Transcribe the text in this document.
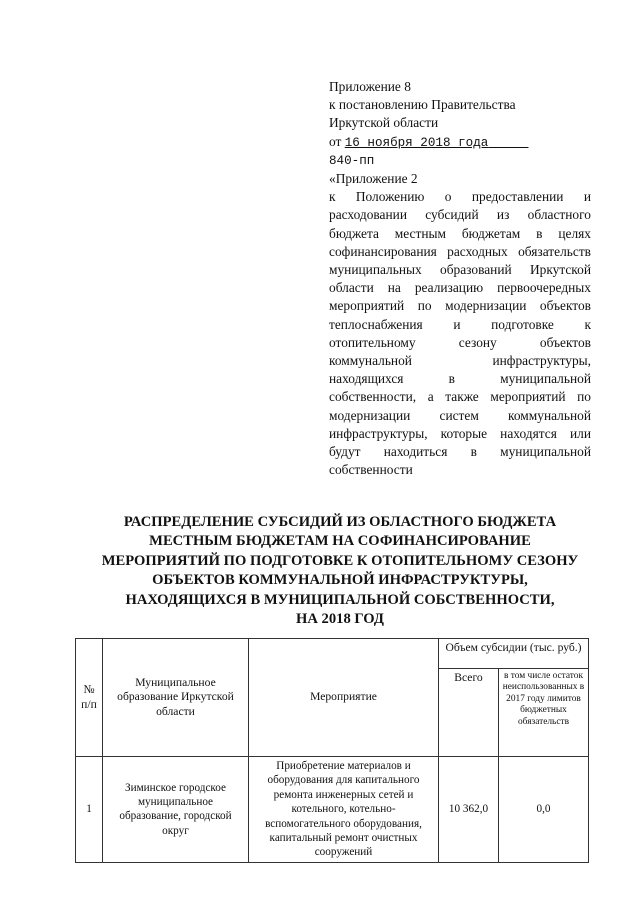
Приложение 8
к постановлению Правительства
Иркутской области
от 16 ноября 2018 года
840-пп
«Приложение 2
к Положению о предоставлении и расходовании субсидий из областного бюджета местным бюджетам в целях софинансирования расходных обязательств муниципальных образований Иркутской области на реализацию первоочередных мероприятий по модернизации объектов теплоснабжения и подготовке к отопительному сезону объектов коммунальной инфраструктуры, находящихся в муниципальной собственности, а также мероприятий по модернизации систем коммунальной инфраструктуры, которые находятся или будут находиться в муниципальной собственности
РАСПРЕДЕЛЕНИЕ СУБСИДИЙ ИЗ ОБЛАСТНОГО БЮДЖЕТА
МЕСТНЫМ БЮДЖЕТАМ НА СОФИНАНСИРОВАНИЕ
МЕРОПРИЯТИЙ ПО ПОДГОТОВКЕ К ОТОПИТЕЛЬНОМУ СЕЗОНУ
ОБЪЕКТОВ КОММУНАЛЬНОЙ ИНФРАСТРУКТУРЫ,
НАХОДЯЩИХСЯ В МУНИЦИПАЛЬНОЙ СОБСТВЕННОСТИ,
НА 2018 ГОД
№ п/п	Муниципальное образование Иркутской области	Мероприятие	Объем субсидии (тыс. руб.)	
			Всего	в том числе остаток неиспользованных в 2017 году лимитов бюджетных обязательств
1	Зиминское городское муниципальное образование, городской округ	Приобретение материалов и оборудования для капитального ремонта инженерных сетей и котельного, котельно-вспомогательного оборудования, капитальный ремонт очистных сооружений	10 362,0	0,0
